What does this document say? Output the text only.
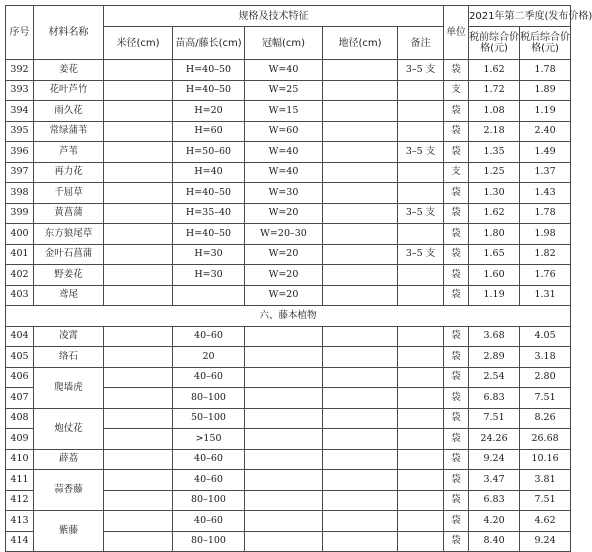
序号	材料名称	规格及技术特征					单位	2021年第二季度(发布价格)	
		米径(cm)	苗高/藤长(cm)	冠幅(cm)	地径(cm)	备注		税前综合价格(元)	税后综合价格(元)

392	姜花		H=40–50	W=40		3–5 支	袋	1.62	1.78
393	花叶芦竹		H=40–50	W=25			支	1.72	1.89
394	雨久花		H=20	W=15			袋	1.08	1.19
395	常绿蒲苇		H=60	W=60			袋	2.18	2.40
396	芦苇		H=50–60	W=40		3–5 支	袋	1.35	1.49
397	再力花		H=40	W=40			支	1.25	1.37
398	千屈草		H=40–50	W=30			袋	1.30	1.43
399	黄菖蒲		H=35–40	W=20		3–5 支	袋	1.62	1.78
400	东方狼尾草		H=40–50	W=20–30			袋	1.80	1.98
401	金叶石菖蒲		H=30	W=20		3–5 支	袋	1.65	1.82
402	野姜花		H=30	W=20			袋	1.60	1.76
403	鸢尾			W=20			袋	1.19	1.31
六、藤本植物									
404	凌霄		40–60				袋	3.68	4.05
405	络石		20				袋	2.89	3.18
406	爬墙虎		40–60				袋	2.54	2.80
407			80–100				袋	6.83	7.51
408	炮仗花		50–100				袋	7.51	8.26
409			>150				袋	24.26	26.68
410	薜荔		40–60				袋	9.24	10.16
411	蒜香藤		40–60				袋	3.47	3.81
412			80–100				袋	6.83	7.51
413	紫藤		40–60				袋	4.20	4.62
414			80–100				袋	8.40	9.24
